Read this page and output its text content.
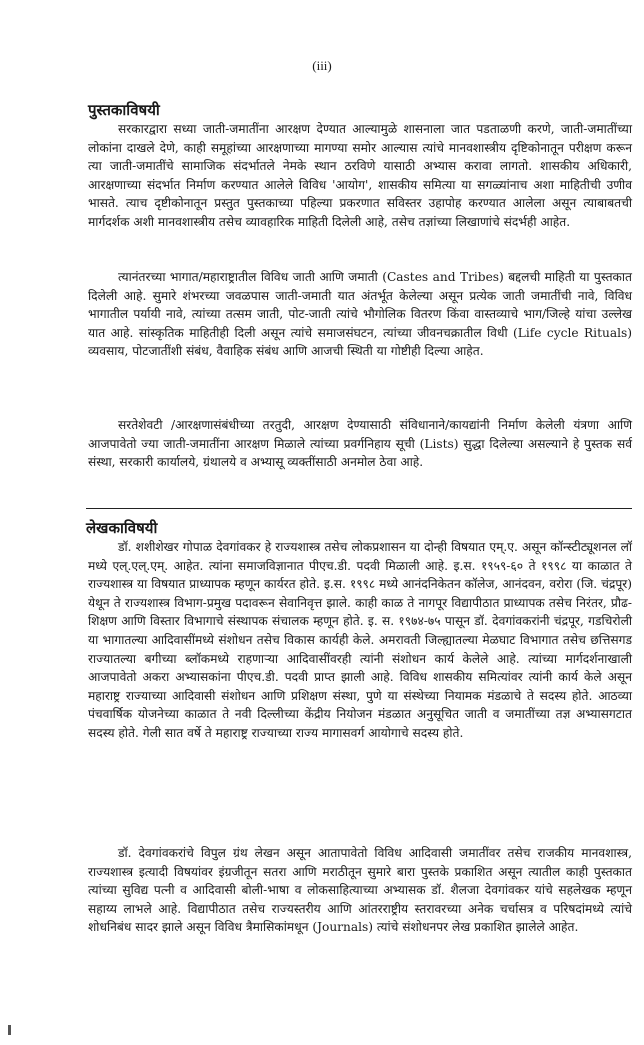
(iii)
पुस्तकाविषयी

सरकारद्वारा सध्या जाती-जमातींना आरक्षण देण्यात आल्यामुळे शासनाला जात पडताळणी करणे, जाती-जमातींच्या लोकांना दाखले देणे, काही समूहांच्या आरक्षणाच्या मागण्या समोर आल्यास त्यांचे मानवशास्त्रीय दृष्टिकोनातून परीक्षण करून त्या जाती-जमातींचे सामाजिक संदर्भातले नेमके स्थान ठरविणे यासाठी अभ्यास करावा लागतो. शासकीय अधिकारी, आरक्षणाच्या संदर्भात निर्माण करण्यात आलेले विविध 'आयोग', शासकीय समित्या या सगळ्यांनाच अशा माहितीची उणीव भासते. त्याच दृष्टीकोनातून प्रस्तुत पुस्तकाच्या पहिल्या प्रकरणात सविस्तर उहापोह करण्यात आलेला असून त्याबाबतची मार्गदर्शक अशी मानवशास्त्रीय तसेच व्यावहारिक माहिती दिलेली आहे, तसेच तज्ञांच्या लिखाणांचे संदर्भही आहेत.

त्यानंतरच्या भागात/महाराष्ट्रातील विविध जाती आणि जमाती (Castes and Tribes) बद्दलची माहिती या पुस्तकात दिलेली आहे. सुमारे शंभरच्या जवळपास जाती-जमाती यात अंतर्भूत केलेल्या असून प्रत्येक जाती जमातींची नावे, विविध भागातील पर्यायी नावे, त्यांच्या तत्सम जाती, पोट-जाती त्यांचे भौगोलिक वितरण किंवा वास्तव्याचे भाग/जिल्हे यांचा उल्लेख यात आहे. सांस्कृतिक माहितीही दिली असून त्यांचे समाजसंघटन, त्यांच्या जीवनचक्रातील विधी (Life cycle Rituals) व्यवसाय, पोटजातींशी संबंध, वैवाहिक संबंध आणि आजची स्थिती या गोष्टीही दिल्या आहेत.

सरतेशेवटी /आरक्षणासंबंधीच्या तरतुदी, आरक्षण देण्यासाठी संविधानाने/कायद्यांनी निर्माण केलेली यंत्रणा आणि आजपावेतो ज्या जाती-जमातींना आरक्षण मिळाले त्यांच्या प्रवर्गनिहाय सूची (Lists) सुद्धा दिलेल्या असल्याने हे पुस्तक सर्व संस्था, सरकारी कार्यालये, ग्रंथालये व अभ्यासू व्यक्तींसाठी अनमोल ठेवा आहे.

लेखकाविषयी

डॉ. शशीशेखर गोपाळ देवगांवकर हे राज्यशास्त्र तसेच लोकप्रशासन या दोन्ही विषयात एम्.ए. असून कॉन्स्टीट्यूशनल लॉ मध्ये एल्.एल्.एम्. आहेत. त्यांना समाजविज्ञानात पीएच.डी. पदवी मिळाली आहे. इ.स. १९५९-६० ते १९९८ या काळात ते राज्यशास्त्र या विषयात प्राध्यापक म्हणून कार्यरत होते. इ.स. १९९८ मध्ये आनंदनिकेतन कॉलेज, आनंदवन, वरोरा (जि. चंद्रपूर) येथून ते राज्यशास्त्र विभाग-प्रमुख पदावरून सेवानिवृत्त झाले. काही काळ ते नागपूर विद्यापीठात प्राध्यापक तसेच निरंतर, प्रौढ-शिक्षण आणि विस्तार विभागाचे संस्थापक संचालक म्हणून होते. इ. स. १९७४-७५ पासून डॉ. देवगांवकरांनी चंद्रपूर, गडचिरोली या भागातल्या आदिवासींमध्ये संशोधन तसेच विकास कार्यही केले. अमरावती जिल्ह्यातल्या मेळघाट विभागात तसेच छत्तिसगड राज्यातल्या बगीच्या ब्लॉकमध्ये राहणाऱ्या आदिवासींवरही त्यांनी संशोधन कार्य केलेले आहे. त्यांच्या मार्गदर्शनाखाली आजपावेतो अकरा अभ्यासकांना पीएच.डी. पदवी प्राप्त झाली आहे. विविध शासकीय समित्यांवर त्यांनी कार्य केले असून महाराष्ट्र राज्याच्या आदिवासी संशोधन आणि प्रशिक्षण संस्था, पुणे या संस्थेच्या नियामक मंडळाचे ते सदस्य होते. आठव्या पंचवार्षिक योजनेच्या काळात ते नवी दिल्लीच्या केंद्रीय नियोजन मंडळात अनुसूचित जाती व जमातींच्या तज्ञ अभ्यासगटात सदस्य होते. गेली सात वर्षे ते महाराष्ट्र राज्याच्या राज्य मागासवर्ग आयोगाचे सदस्य होते.

डॉ. देवगांवकरांचे विपुल ग्रंथ लेखन असून आतापावेतो विविध आदिवासी जमातींवर तसेच राजकीय मानवशास्त्र, राज्यशास्त्र इत्यादी विषयांवर इंग्रजीतून सतरा आणि मराठीतून सुमारे बारा पुस्तके प्रकाशित असून त्यातील काही पुस्तकात त्यांच्या सुविद्य पत्नी व आदिवासी बोली-भाषा व लोकसाहित्याच्या अभ्यासक डॉ. शैलजा देवगांवकर यांचे सहलेखक म्हणून सहाय्य लाभले आहे. विद्यापीठात तसेच राज्यस्तरीय आणि आंतरराष्ट्रीय स्तरावरच्या अनेक चर्चासत्र व परिषदांमध्ये त्यांचे शोधनिबंध सादर झाले असून विविध त्रैमासिकांमधून (Journals) त्यांचे संशोधनपर लेख प्रकाशित झालेले आहेत.
